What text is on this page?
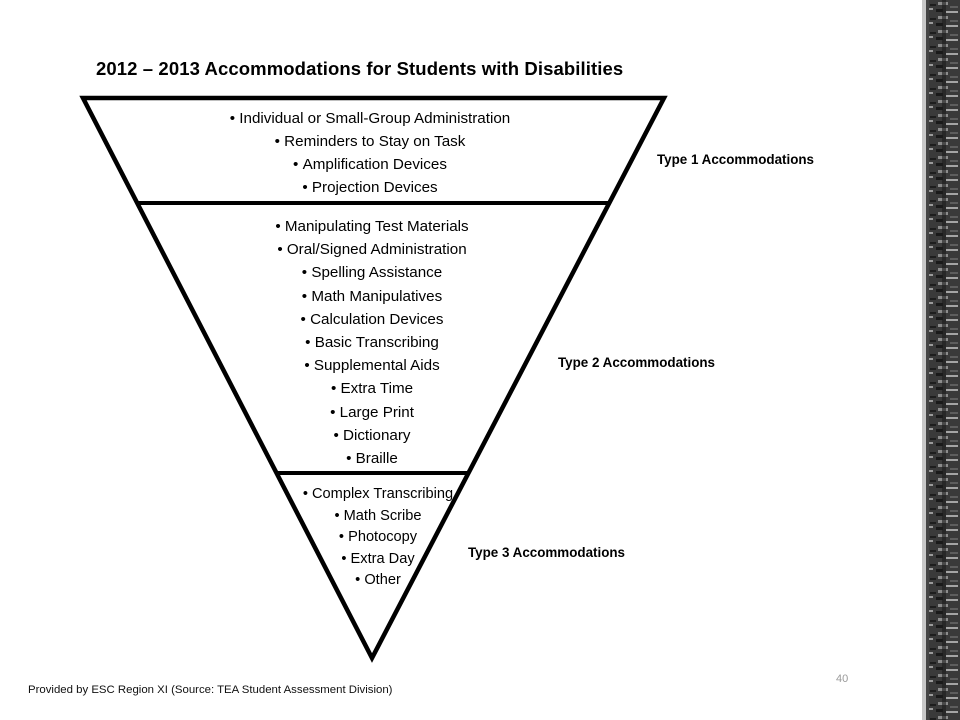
2012 – 2013 Accommodations for Students with Disabilities
• Individual or Small-Group Administration
• Reminders to Stay on Task
• Amplification Devices
• Projection Devices
• Manipulating Test Materials
• Oral/Signed Administration
• Spelling Assistance
• Math Manipulatives
• Calculation Devices
• Basic Transcribing
• Supplemental Aids
• Extra Time
• Large Print
• Dictionary
• Braille
• Complex Transcribing
• Math Scribe
• Photocopy
• Extra Day
• Other

Type 1 Accommodations

Type 2 Accommodations

Type 3 Accommodations

Provided by ESC Region XI (Source: TEA Student Assessment Division)

40
